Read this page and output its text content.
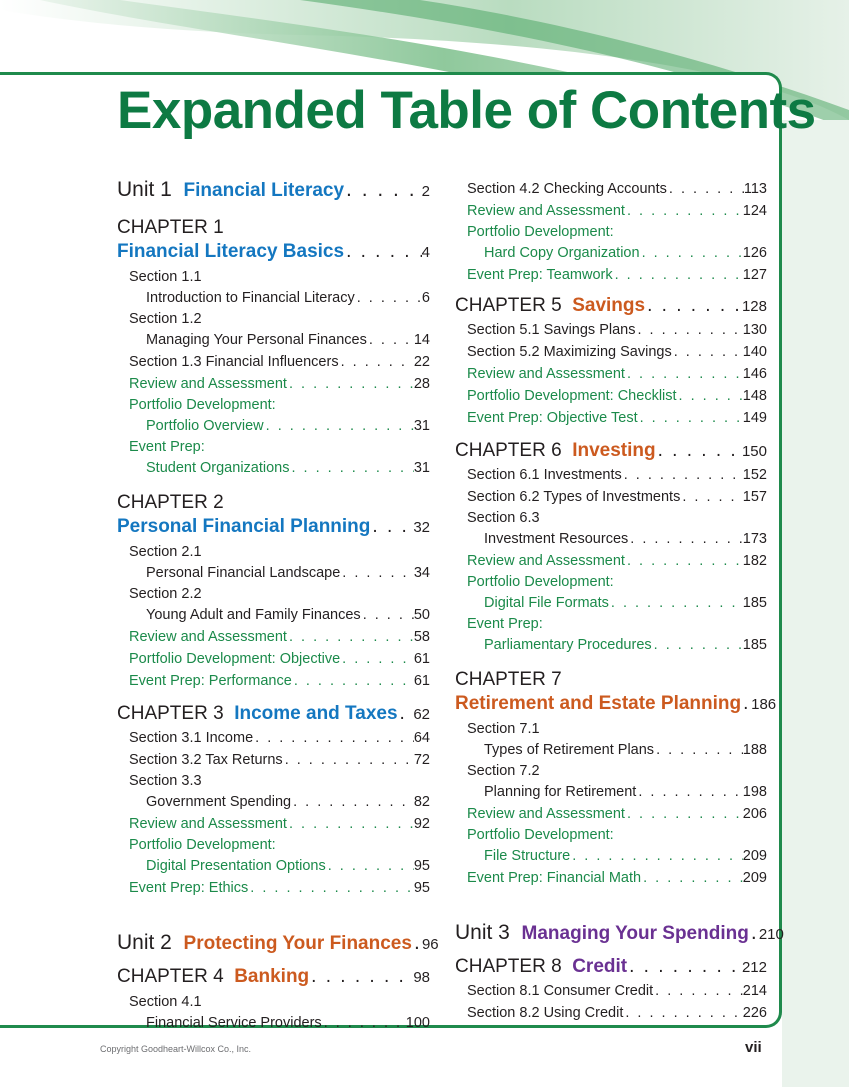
Expanded Table of Contents
Unit 1 Financial Literacy . . .	2
CHAPTER 1
Financial Literacy Basics . . .	4
Section 1.1
Introduction to Financial Literacy . . .	6
Section 1.2
Managing Your Personal Finances . . .	14
Section 1.3 Financial Influencers . . .	22
Review and Assessment . . .	28
Portfolio Development:
Portfolio Overview . . .	31
Event Prep:
Student Organizations . . .	31
CHAPTER 2
Personal Financial Planning . . .	32
Section 2.1
Personal Financial Landscape . . .	34
Section 2.2
Young Adult and Family Finances . . .	50
Review and Assessment . . .	58
Portfolio Development: Objective . . .	61
Event Prep: Performance . . .	61
CHAPTER 3 Income and Taxes . . . 62
Section 3.1 Income . . .	64
Section 3.2 Tax Returns . . .	72
Section 3.3
Government Spending . . .	82
Review and Assessment . . .	92
Portfolio Development:
Digital Presentation Options . . .	95
Event Prep: Ethics . . .	95
Unit 2 Protecting Your Finances . . . 96
CHAPTER 4 Banking . . .	98
Section 4.1
Financial Service Providers . . .	100
Section 4.2 Checking Accounts . . .	113
Review and Assessment . . .	124
Portfolio Development:
Hard Copy Organization . . .	126
Event Prep: Teamwork . . .	127
CHAPTER 5 Savings . . .	128
Section 5.1 Savings Plans . . .	130
Section 5.2 Maximizing Savings . . .	140
Review and Assessment . . .	146
Portfolio Development: Checklist . . .	148
Event Prep: Objective Test . . .	149
CHAPTER 6 Investing . . .	150
Section 6.1 Investments . . .	152
Section 6.2 Types of Investments . . .	157
Section 6.3
Investment Resources . . .	173
Review and Assessment . . .	182
Portfolio Development:
Digital File Formats . . .	185
Event Prep:
Parliamentary Procedures . . .	185
CHAPTER 7
Retirement and Estate Planning . . . 186
Section 7.1
Types of Retirement Plans . . .	188
Section 7.2
Planning for Retirement . . .	198
Review and Assessment . . .	206
Portfolio Development:
File Structure . . .	209
Event Prep: Financial Math . . .	209
Unit 3 Managing Your Spending . . . 210
CHAPTER 8 Credit . . .	212
Section 8.1 Consumer Credit . . .	214
Section 8.2 Using Credit . . .	226
Copyright Goodheart-Willcox Co., Inc.	vii
